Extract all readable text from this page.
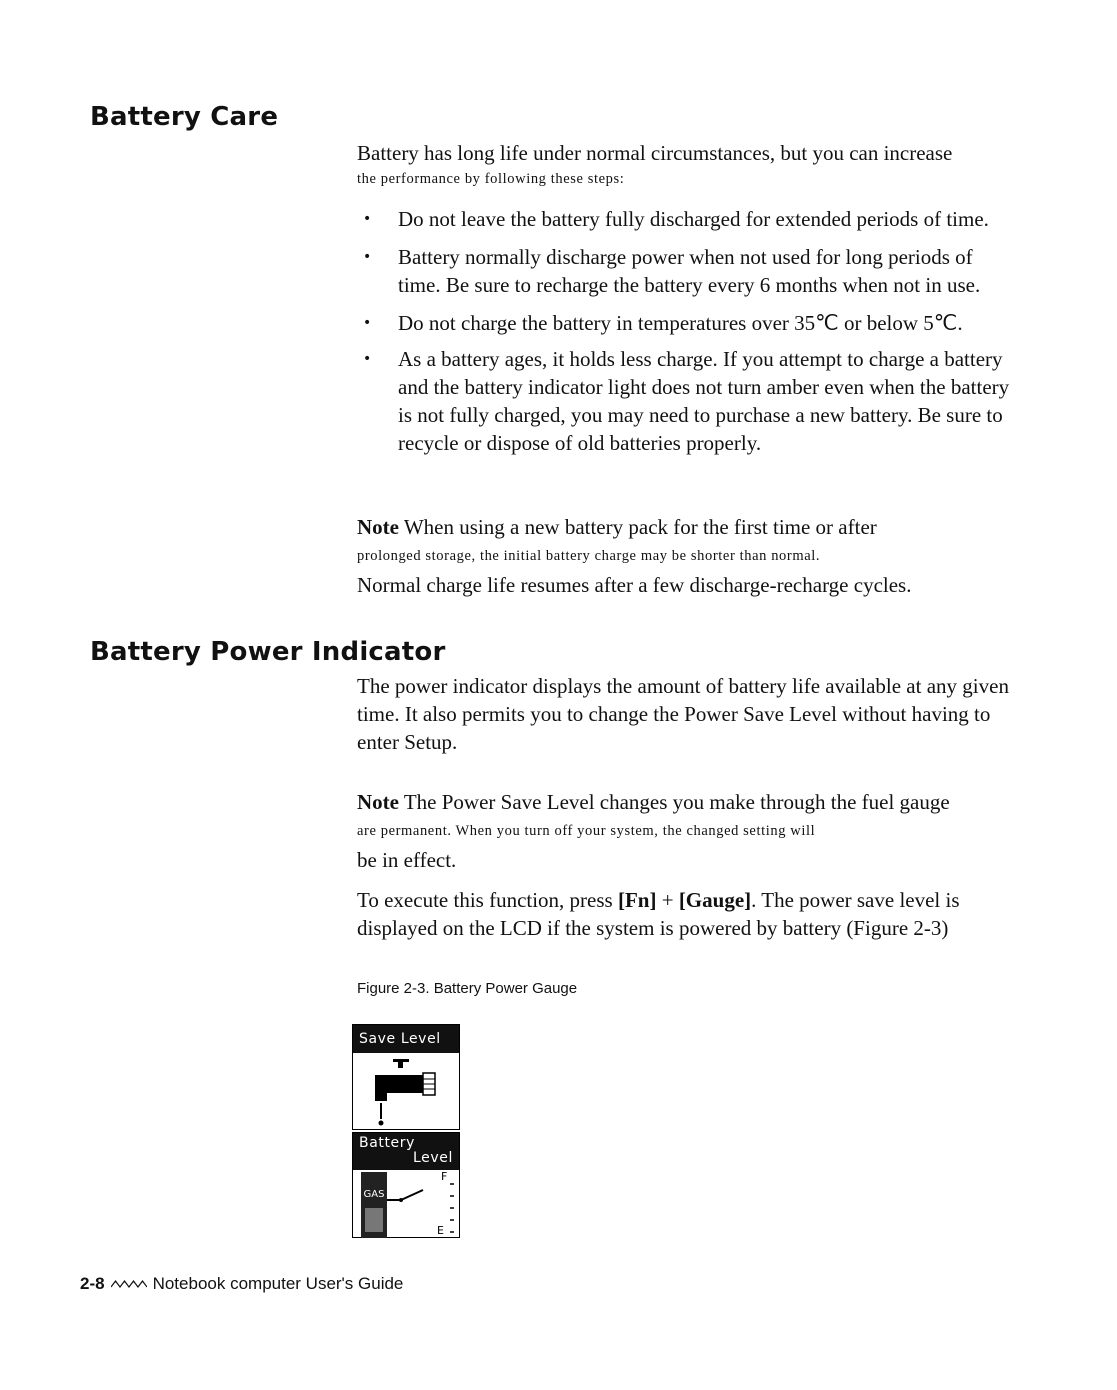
Battery Care

Battery has long life under normal circumstances, but you can increase

the performance by following these steps:

• Do not leave the battery fully discharged for extended periods of time.
• Battery normally discharge power when not used for long periods of time. Be sure to recharge the battery every 6 months when not in use.
• Do not charge the battery in temperatures over 35℃ or below 5℃.
• As a battery ages, it holds less charge. If you attempt to charge a battery and the battery indicator light does not turn amber even when the battery is not fully charged, you may need to purchase a new battery. Be sure to recycle or dispose of old batteries properly.

Note When using a new battery pack for the first time or after

prolonged storage, the initial battery charge may be shorter than normal.

Normal charge life resumes after a few discharge-recharge cycles.

Battery Power Indicator

The power indicator displays the amount of battery life available at any given time. It also permits you to change the Power Save Level without having to enter Setup.

Note The Power Save Level changes you make through the fuel gauge

are permanent. When you turn off your system, the changed setting will

be in effect.

To execute this function, press [Fn] + [Gauge]. The power save level is displayed on the LCD if the system is powered by battery (Figure 2-3)

Figure 2-3. Battery Power Gauge

Save Level
Battery
Level
GAS
F
E
2-8	Notebook computer User's Guide
